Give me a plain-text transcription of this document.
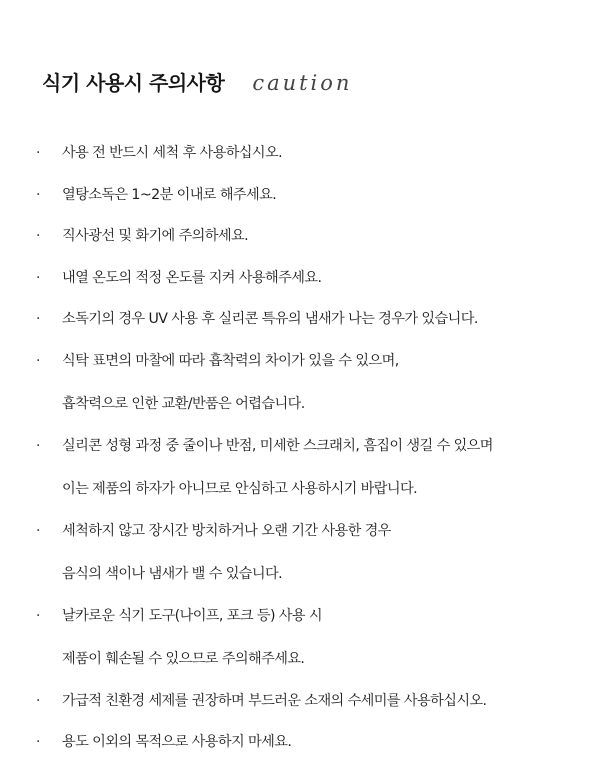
식기 사용시 주의사항 caution
·	사용 전 반드시 세척 후 사용하십시오.
·	열탕소독은 1~2분 이내로 해주세요.
·	직사광선 및 화기에 주의하세요.
·	내열 온도의 적정 온도를 지켜 사용해주세요.
·	소독기의 경우 UV 사용 후 실리콘 특유의 냄새가 나는 경우가 있습니다.
·	식탁 표면의 마찰에 따라 흡착력의 차이가 있을 수 있으며,
흡착력으로 인한 교환/반품은 어렵습니다.
·	실리콘 성형 과정 중 줄이나 반점, 미세한 스크래치, 흠집이 생길 수 있으며
이는 제품의 하자가 아니므로 안심하고 사용하시기 바랍니다.
·	세척하지 않고 장시간 방치하거나 오랜 기간 사용한 경우
음식의 색이나 냄새가 밸 수 있습니다.
·	날카로운 식기 도구(나이프, 포크 등) 사용 시
제품이 훼손될 수 있으므로 주의해주세요.
·	가급적 친환경 세제를 권장하며 부드러운 소재의 수세미를 사용하십시오.
·	용도 이외의 목적으로 사용하지 마세요.
